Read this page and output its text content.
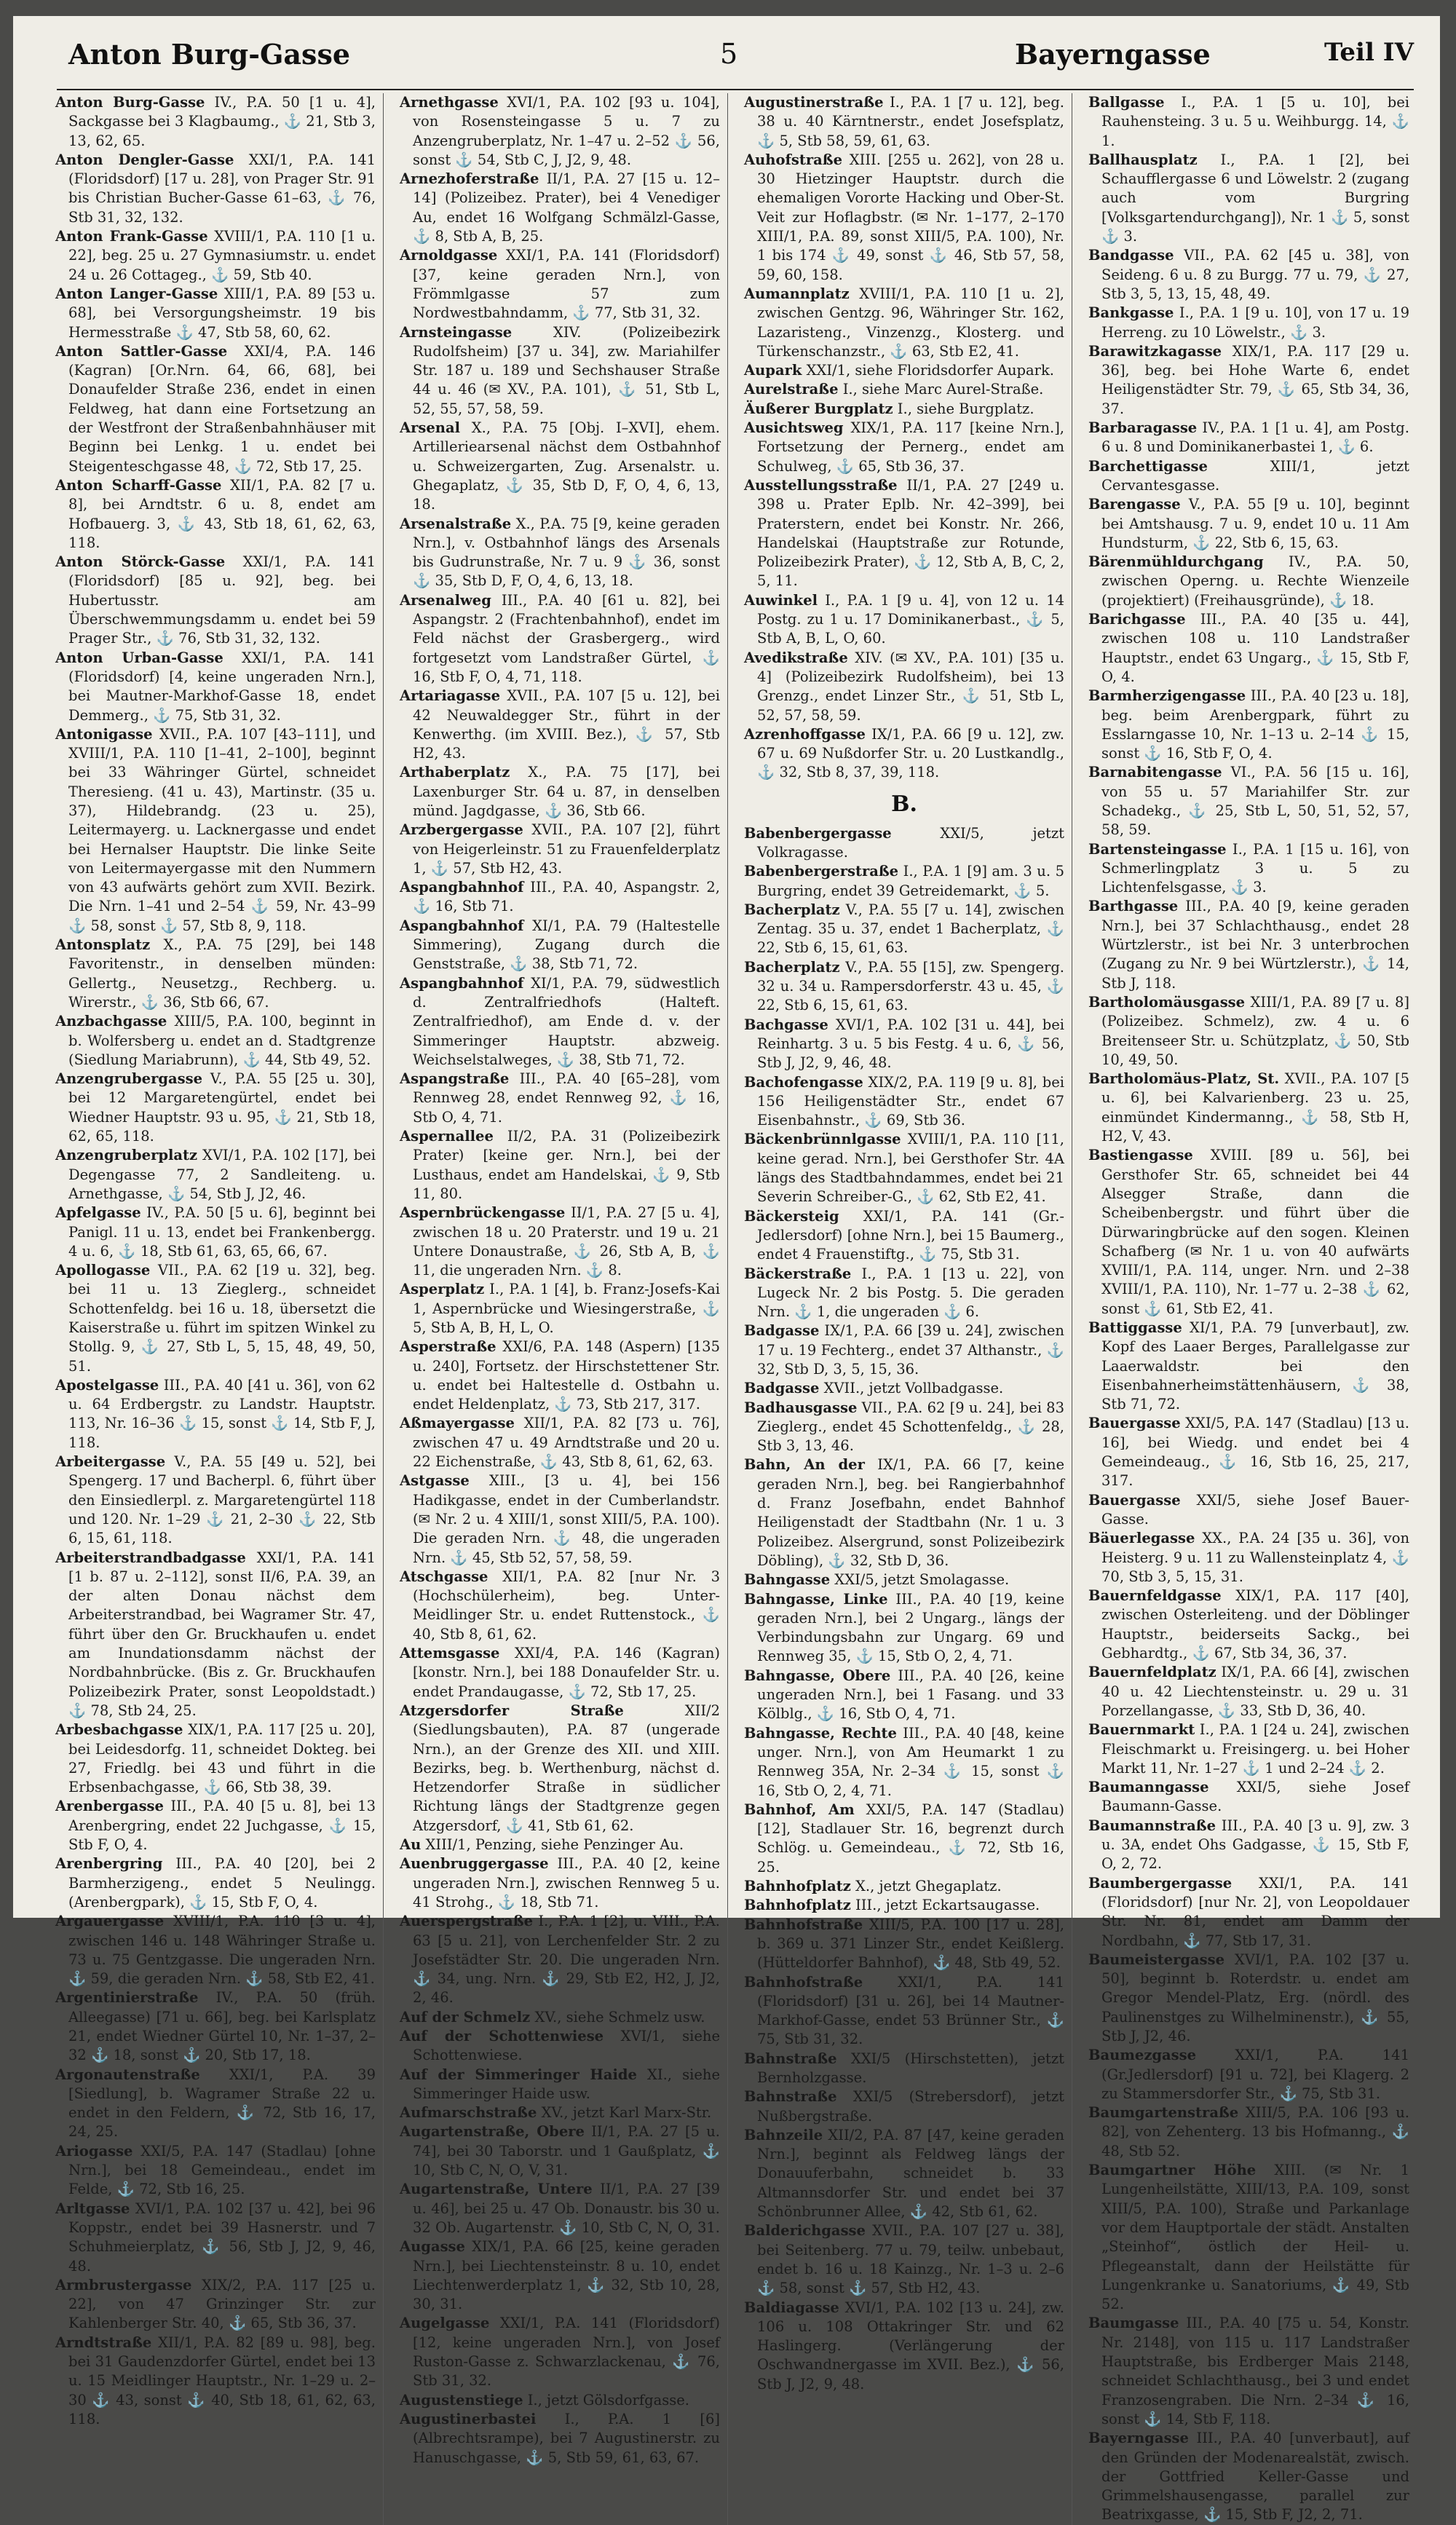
Anton Burg-Gasse	5	Bayerngasse	Teil IV

Anton Burg-Gasse IV., P.A. 50 [1 u. 4], Sackgasse bei 3 Klagbaumg., ⚓ 21, Stb 3, 13, 62, 65.

Anton Dengler-Gasse XXI/1, P.A. 141 (Floridsdorf) [17 u. 28], von Prager Str. 91 bis Christian Bucher-Gasse 61–63, ⚓ 76, Stb 31, 32, 132.

Anton Frank-Gasse XVIII/1, P.A. 110 [1 u. 22], beg. 25 u. 27 Gymnasiumstr. u. endet 24 u. 26 Cottageg., ⚓ 59, Stb 40.

Anton Langer-Gasse XIII/1, P.A. 89 [53 u. 68], bei Versorgungsheimstr. 19 bis Hermesstraße ⚓ 47, Stb 58, 60, 62.

Anton Sattler-Gasse XXI/4, P.A. 146 (Kagran) [Or.Nrn. 64, 66, 68], bei Donaufelder Straße 236, endet in einen Feldweg, hat dann eine Fortsetzung an der Westfront der Straßenbahnhäuser mit Beginn bei Lenkg. 1 u. endet bei Steigenteschgasse 48, ⚓ 72, Stb 17, 25.

Anton Scharff-Gasse XII/1, P.A. 82 [7 u. 8], bei Arndtstr. 6 u. 8, endet am Hofbauerg. 3, ⚓ 43, Stb 18, 61, 62, 63, 118.

Anton Störck-Gasse XXI/1, P.A. 141 (Floridsdorf) [85 u. 92], beg. bei Hubertusstr. am Überschwemmungsdamm u. endet bei 59 Prager Str., ⚓ 76, Stb 31, 32, 132.

Anton Urban-Gasse XXI/1, P.A. 141 (Floridsdorf) [4, keine ungeraden Nrn.], bei Mautner-Markhof-Gasse 18, endet Demmerg., ⚓ 75, Stb 31, 32.

Antonigasse XVII., P.A. 107 [43–111], und XVIII/1, P.A. 110 [1–41, 2–100], beginnt bei 33 Währinger Gürtel, schneidet Theresieng. (41 u. 43), Martinstr. (35 u. 37), Hildebrandg. (23 u. 25), Leitermayerg. u. Lacknergasse und endet bei Hernalser Hauptstr. Die linke Seite von Leitermayergasse mit den Nummern von 43 aufwärts gehört zum XVII. Bezirk. Die Nrn. 1–41 und 2–54 ⚓ 59, Nr. 43–99 ⚓ 58, sonst ⚓ 57, Stb 8, 9, 118.

Antonsplatz X., P.A. 75 [29], bei 148 Favoritenstr., in denselben münden: Gellertg., Neusetzg., Rechberg. u. Wirerstr., ⚓ 36, Stb 66, 67.

Anzbachgasse XIII/5, P.A. 100, beginnt in b. Wolfersberg u. endet an d. Stadtgrenze (Siedlung Mariabrunn), ⚓ 44, Stb 49, 52.

Anzengrubergasse V., P.A. 55 [25 u. 30], bei 12 Margaretengürtel, endet bei Wiedner Hauptstr. 93 u. 95, ⚓ 21, Stb 18, 62, 65, 118.

Anzengruberplatz XVI/1, P.A. 102 [17], bei Degengasse 77, 2 Sandleiteng. u. Arnethgasse, ⚓ 54, Stb J, J2, 46.

Apfelgasse IV., P.A. 50 [5 u. 6], beginnt bei Panigl. 11 u. 13, endet bei Frankenbergg. 4 u. 6, ⚓ 18, Stb 61, 63, 65, 66, 67.

Apollogasse VII., P.A. 62 [19 u. 32], beg. bei 11 u. 13 Zieglerg., schneidet Schottenfeldg. bei 16 u. 18, übersetzt die Kaiserstraße u. führt im spitzen Winkel zu Stollg. 9, ⚓ 27, Stb L, 5, 15, 48, 49, 50, 51.

Apostelgasse III., P.A. 40 [41 u. 36], von 62 u. 64 Erdbergstr. zu Landstr. Hauptstr. 113, Nr. 16–36 ⚓ 15, sonst ⚓ 14, Stb F, J, 118.

Arbeitergasse V., P.A. 55 [49 u. 52], bei Spengerg. 17 und Bacherpl. 6, führt über den Einsiedlerpl. z. Margaretengürtel 118 und 120. Nr. 1–29 ⚓ 21, 2–30 ⚓ 22, Stb 6, 15, 61, 118.

Arbeiterstrandbadgasse XXI/1, P.A. 141 [1 b. 87 u. 2–112], sonst II/6, P.A. 39, an der alten Donau nächst dem Arbeiterstrandbad, bei Wagramer Str. 47, führt über den Gr. Bruckhaufen u. endet am Inundationsdamm nächst der Nordbahnbrücke. (Bis z. Gr. Bruckhaufen Polizeibezirk Prater, sonst Leopoldstadt.) ⚓ 78, Stb 24, 25.

Arbesbachgasse XIX/1, P.A. 117 [25 u. 20], bei Leidesdorfg. 11, schneidet Dokteg. bei 27, Friedlg. bei 43 und führt in die Erbsenbachgasse, ⚓ 66, Stb 38, 39.

Arenbergasse III., P.A. 40 [5 u. 8], bei 13 Arenbergring, endet 22 Juchgasse, ⚓ 15, Stb F, O, 4.

Arenbergring III., P.A. 40 [20], bei 2 Barmherzigeng., endet 5 Neulingg. (Arenbergpark), ⚓ 15, Stb F, O, 4.

Argauergasse XVIII/1, P.A. 110 [3 u. 4], zwischen 146 u. 148 Währinger Straße u. 73 u. 75 Gentzgasse. Die ungeraden Nrn. ⚓ 59, die geraden Nrn. ⚓ 58, Stb E2, 41.

Argentinierstraße IV., P.A. 50 (früh. Alleegasse) [71 u. 66], beg. bei Karlsplatz 21, endet Wiedner Gürtel 10, Nr. 1–37, 2–32 ⚓ 18, sonst ⚓ 20, Stb 17, 18.

Argonautenstraße XXI/1, P.A. 39 [Siedlung], b. Wagramer Straße 22 u. endet in den Feldern, ⚓ 72, Stb 16, 17, 24, 25.

Ariogasse XXI/5, P.A. 147 (Stadlau) [ohne Nrn.], bei 18 Gemeindeau., endet im Felde, ⚓ 72, Stb 16, 25.

Arltgasse XVI/1, P.A. 102 [37 u. 42], bei 96 Koppstr., endet bei 39 Hasnerstr. und 7 Schuhmeierplatz, ⚓ 56, Stb J, J2, 9, 46, 48.

Armbrustergasse XIX/2, P.A. 117 [25 u. 22], von 47 Grinzinger Str. zur Kahlenberger Str. 40, ⚓ 65, Stb 36, 37.

Arndtstraße XII/1, P.A. 82 [89 u. 98], beg. bei 31 Gaudenzdorfer Gürtel, endet bei 13 u. 15 Meidlinger Hauptstr., Nr. 1–29 u. 2–30 ⚓ 43, sonst ⚓ 40, Stb 18, 61, 62, 63, 118.

Arnethgasse XVI/1, P.A. 102 [93 u. 104], von Rosensteingasse 5 u. 7 zu Anzengruberplatz, Nr. 1–47 u. 2–52 ⚓ 56, sonst ⚓ 54, Stb C, J, J2, 9, 48.

Arnezhoferstraße II/1, P.A. 27 [15 u. 12–14] (Polizeibez. Prater), bei 4 Venediger Au, endet 16 Wolfgang Schmälzl-Gasse, ⚓ 8, Stb A, B, 25.

Arnoldgasse XXI/1, P.A. 141 (Floridsdorf) [37, keine geraden Nrn.], von Frömmlgasse 57 zum Nordwestbahndamm, ⚓ 77, Stb 31, 32.

Arnsteingasse XIV. (Polizeibezirk Rudolfsheim) [37 u. 34], zw. Mariahilfer Str. 187 u. 189 und Sechshauser Straße 44 u. 46 (✉ XV., P.A. 101), ⚓ 51, Stb L, 52, 55, 57, 58, 59.

Arsenal X., P.A. 75 [Obj. I–XVI], ehem. Artilleriearsenal nächst dem Ostbahnhof u. Schweizergarten, Zug. Arsenalstr. u. Ghegaplatz, ⚓ 35, Stb D, F, O, 4, 6, 13, 18.

Arsenalstraße X., P.A. 75 [9, keine geraden Nrn.], v. Ostbahnhof längs des Arsenals bis Gudrunstraße, Nr. 7 u. 9 ⚓ 36, sonst ⚓ 35, Stb D, F, O, 4, 6, 13, 18.

Arsenalweg III., P.A. 40 [61 u. 82], bei Aspangstr. 2 (Frachtenbahnhof), endet im Feld nächst der Grasbergerg., wird fortgesetzt vom Landstraßer Gürtel, ⚓ 16, Stb F, O, 4, 71, 118.

Artariagasse XVII., P.A. 107 [5 u. 12], bei 42 Neuwaldegger Str., führt in der Kenwerthg. (im XVIII. Bez.), ⚓ 57, Stb H2, 43.

Arthaberplatz X., P.A. 75 [17], bei Laxenburger Str. 64 u. 87, in denselben münd. Jagdgasse, ⚓ 36, Stb 66.

Arzbergergasse XVII., P.A. 107 [2], führt von Heigerleinstr. 51 zu Frauenfelderplatz 1, ⚓ 57, Stb H2, 43.

Aspangbahnhof III., P.A. 40, Aspangstr. 2, ⚓ 16, Stb 71.

Aspangbahnhof XI/1, P.A. 79 (Haltestelle Simmering), Zugang durch die Genststraße, ⚓ 38, Stb 71, 72.

Aspangbahnhof XI/1, P.A. 79, südwestlich d. Zentralfriedhofs (Halteft. Zentralfriedhof), am Ende d. v. der Simmeringer Hauptstr. abzweig. Weichselstalweges, ⚓ 38, Stb 71, 72.

Aspangstraße III., P.A. 40 [65–28], vom Rennweg 28, endet Rennweg 92, ⚓ 16, Stb O, 4, 71.

Aspernallee II/2, P.A. 31 (Polizeibezirk Prater) [keine ger. Nrn.], bei der Lusthaus, endet am Handelskai, ⚓ 9, Stb 11, 80.

Aspernbrückengasse II/1, P.A. 27 [5 u. 4], zwischen 18 u. 20 Praterstr. und 19 u. 21 Untere Donaustraße, ⚓ 26, Stb A, B, ⚓ 11, die ungeraden Nrn. ⚓ 8.

Asperplatz I., P.A. 1 [4], b. Franz-Josefs-Kai 1, Aspernbrücke und Wiesingerstraße, ⚓ 5, Stb A, B, H, L, O.

Asperstraße XXI/6, P.A. 148 (Aspern) [135 u. 240], Fortsetz. der Hirschstettener Str. u. endet bei Haltestelle d. Ostbahn u. endet Heldenplatz, ⚓ 73, Stb 217, 317.

Aßmayergasse XII/1, P.A. 82 [73 u. 76], zwischen 47 u. 49 Arndtstraße und 20 u. 22 Eichenstraße, ⚓ 43, Stb 8, 61, 62, 63.

Astgasse XIII., [3 u. 4], bei 156 Hadikgasse, endet in der Cumberlandstr. (✉ Nr. 2 u. 4 XIII/1, sonst XIII/5, P.A. 100). Die geraden Nrn. ⚓ 48, die ungeraden Nrn. ⚓ 45, Stb 52, 57, 58, 59.

Atschgasse XII/1, P.A. 82 [nur Nr. 3 (Hochschülerheim), beg. Unter-Meidlinger Str. u. endet Ruttenstock., ⚓ 40, Stb 8, 61, 62.

Attemsgasse XXI/4, P.A. 146 (Kagran) [konstr. Nrn.], bei 188 Donaufelder Str. u. endet Prandaugasse, ⚓ 72, Stb 17, 25.

Atzgersdorfer Straße XII/2 (Siedlungsbauten), P.A. 87 (ungerade Nrn.), an der Grenze des XII. und XIII. Bezirks, beg. b. Werthenburg, nächst d. Hetzendorfer Straße in südlicher Richtung längs der Stadtgrenze gegen Atzgersdorf, ⚓ 41, Stb 61, 62.

Au XIII/1, Penzing, siehe Penzinger Au.

Auenbruggergasse III., P.A. 40 [2, keine ungeraden Nrn.], zwischen Rennweg 5 u. 41 Strohg., ⚓ 18, Stb 71.

Auerspergstraße I., P.A. 1 [2], u. VIII., P.A. 63 [5 u. 21], von Lerchenfelder Str. 2 zu Josefstädter Str. 20. Die ungeraden Nrn. ⚓ 34, ung. Nrn. ⚓ 29, Stb E2, H2, J, J2, 2, 46.

Auf der Schmelz XV., siehe Schmelz usw.

Auf der Schottenwiese XVI/1, siehe Schottenwiese.

Auf der Simmeringer Haide XI., siehe Simmeringer Haide usw.

Aufmarschstraße XV., jetzt Karl Marx-Str.

Augartenstraße, Obere II/1, P.A. 27 [5 u. 74], bei 30 Taborstr. und 1 Gaußplatz, ⚓ 10, Stb C, N, O, V, 31.

Augartenstraße, Untere II/1, P.A. 27 [39 u. 46], bei 25 u. 47 Ob. Donaustr. bis 30 u. 32 Ob. Augartenstr. ⚓ 10, Stb C, N, O, 31.

Augasse XIX/1, P.A. 66 [25, keine geraden Nrn.], bei Liechtensteinstr. 8 u. 10, endet Liechtenwerderplatz 1, ⚓ 32, Stb 10, 28, 30, 31.

Augelgasse XXI/1, P.A. 141 (Floridsdorf) [12, keine ungeraden Nrn.], von Josef Ruston-Gasse z. Schwarzlackenau, ⚓ 76, Stb 31, 32.

Augustenstiege I., jetzt Gölsdorfgasse.

Augustinerbastei I., P.A. 1 [6] (Albrechtsrampe), bei 7 Augustinerstr. zu Hanuschgasse, ⚓ 5, Stb 59, 61, 63, 67.

Augustinerstraße I., P.A. 1 [7 u. 12], beg. 38 u. 40 Kärntnerstr., endet Josefsplatz, ⚓ 5, Stb 58, 59, 61, 63.

Auhofstraße XIII. [255 u. 262], von 28 u. 30 Hietzinger Hauptstr. durch die ehemaligen Vororte Hacking und Ober-St. Veit zur Hoflagbstr. (✉ Nr. 1–177, 2–170 XIII/1, P.A. 89, sonst XIII/5, P.A. 100), Nr. 1 bis 174 ⚓ 49, sonst ⚓ 46, Stb 57, 58, 59, 60, 158.

Aumannplatz XVIII/1, P.A. 110 [1 u. 2], zwischen Gentzg. 96, Währinger Str. 162, Lazaristeng., Vinzenzg., Klosterg. und Türkenschanzstr., ⚓ 63, Stb E2, 41.

Aupark XXI/1, siehe Floridsdorfer Aupark.

Aurelstraße I., siehe Marc Aurel-Straße.

Äußerer Burgplatz I., siehe Burgplatz.

Ausichtsweg XIX/1, P.A. 117 [keine Nrn.], Fortsetzung der Pernerg., endet am Schulweg, ⚓ 65, Stb 36, 37.

Ausstellungsstraße II/1, P.A. 27 [249 u. 398 u. Prater Eplb. Nr. 42–399], bei Praterstern, endet bei Konstr. Nr. 266, Handelskai (Hauptstraße zur Rotunde, Polizeibezirk Prater), ⚓ 12, Stb A, B, C, 2, 5, 11.

Auwinkel I., P.A. 1 [9 u. 4], von 12 u. 14 Postg. zu 1 u. 17 Dominikanerbast., ⚓ 5, Stb A, B, L, O, 60.

Avedikstraße XIV. (✉ XV., P.A. 101) [35 u. 4] (Polizeibezirk Rudolfsheim), bei 13 Grenzg., endet Linzer Str., ⚓ 51, Stb L, 52, 57, 58, 59.

Azrenhoffgasse IX/1, P.A. 66 [9 u. 12], zw. 67 u. 69 Nußdorfer Str. u. 20 Lustkandlg., ⚓ 32, Stb 8, 37, 39, 118.

B.

Babenbergergasse XXI/5, jetzt Volkragasse.

Babenbergerstraße I., P.A. 1 [9] am. 3 u. 5 Burgring, endet 39 Getreidemarkt, ⚓ 5.

Bacherplatz V., P.A. 55 [7 u. 14], zwischen Zentag. 35 u. 37, endet 1 Bacherplatz, ⚓ 22, Stb 6, 15, 61, 63.

Bacherplatz V., P.A. 55 [15], zw. Spengerg. 32 u. 34 u. Rampersdorferstr. 43 u. 45, ⚓ 22, Stb 6, 15, 61, 63.

Bachgasse XVI/1, P.A. 102 [31 u. 44], bei Reinhartg. 3 u. 5 bis Festg. 4 u. 6, ⚓ 56, Stb J, J2, 9, 46, 48.

Bachofengasse XIX/2, P.A. 119 [9 u. 8], bei 156 Heiligenstädter Str., endet 67 Eisenbahnstr., ⚓ 69, Stb 36.

Bäckenbrünnlgasse XVIII/1, P.A. 110 [11, keine gerad. Nrn.], bei Gersthofer Str. 4A längs des Stadtbahndammes, endet bei 21 Severin Schreiber-G., ⚓ 62, Stb E2, 41.

Bäckersteig XXI/1, P.A. 141 (Gr.-Jedlersdorf) [ohne Nrn.], bei 15 Baumerg., endet 4 Frauenstiftg., ⚓ 75, Stb 31.

Bäckerstraße I., P.A. 1 [13 u. 22], von Lugeck Nr. 2 bis Postg. 5. Die geraden Nrn. ⚓ 1, die ungeraden ⚓ 6.

Badgasse IX/1, P.A. 66 [39 u. 24], zwischen 17 u. 19 Fechterg., endet 37 Althanstr., ⚓ 32, Stb D, 3, 5, 15, 36.

Badgasse XVII., jetzt Vollbadgasse.

Badhausgasse VII., P.A. 62 [9 u. 24], bei 83 Zieglerg., endet 45 Schottenfeldg., ⚓ 28, Stb 3, 13, 46.

Bahn, An der IX/1, P.A. 66 [7, keine geraden Nrn.], beg. bei Rangierbahnhof d. Franz Josefbahn, endet Bahnhof Heiligenstadt der Stadtbahn (Nr. 1 u. 3 Polizeibez. Alsergrund, sonst Polizeibezirk Döbling), ⚓ 32, Stb D, 36.

Bahngasse XXI/5, jetzt Smolagasse.

Bahngasse, Linke III., P.A. 40 [19, keine geraden Nrn.], bei 2 Ungarg., längs der Verbindungsbahn zur Ungarg. 69 und Rennweg 35, ⚓ 15, Stb O, 2, 4, 71.

Bahngasse, Obere III., P.A. 40 [26, keine ungeraden Nrn.], bei 1 Fasang. und 33 Kölblg., ⚓ 16, Stb O, 4, 71.

Bahngasse, Rechte III., P.A. 40 [48, keine unger. Nrn.], von Am Heumarkt 1 zu Rennweg 35A, Nr. 2–34 ⚓ 15, sonst ⚓ 16, Stb O, 2, 4, 71.

Bahnhof, Am XXI/5, P.A. 147 (Stadlau) [12], Stadlauer Str. 16, begrenzt durch Schlög. u. Gemeindeau., ⚓ 72, Stb 16, 25.

Bahnhofplatz X., jetzt Ghegaplatz.

Bahnhofplatz III., jetzt Eckartsaugasse.

Bahnhofstraße XIII/5, P.A. 100 [17 u. 28], b. 369 u. 371 Linzer Str., endet Keißlerg. (Hütteldorfer Bahnhof), ⚓ 48, Stb 49, 52.

Bahnhofstraße XXI/1, P.A. 141 (Floridsdorf) [31 u. 26], bei 14 Mautner-Markhof-Gasse, endet 53 Brünner Str., ⚓ 75, Stb 31, 32.

Bahnstraße XXI/5 (Hirschstetten), jetzt Bernholzgasse.

Bahnstraße XXI/5 (Strebersdorf), jetzt Nußbergstraße.

Bahnzeile XII/2, P.A. 87 [47, keine geraden Nrn.], beginnt als Feldweg längs der Donauuferbahn, schneidet b. 33 Altmannsdorfer Str. und endet bei 37 Schönbrunner Allee, ⚓ 42, Stb 61, 62.

Balderichgasse XVII., P.A. 107 [27 u. 38], bei Seitenberg. 77 u. 79, teilw. unbebaut, endet b. 16 u. 18 Kainzg., Nr. 1–3 u. 2–6 ⚓ 58, sonst ⚓ 57, Stb H2, 43.

Baldiagasse XVI/1, P.A. 102 [13 u. 24], zw. 106 u. 108 Ottakringer Str. und 62 Haslingerg. (Verlängerung der Oschwandnergasse im XVII. Bez.), ⚓ 56, Stb J, J2, 9, 48.

Ballgasse I., P.A. 1 [5 u. 10], bei Rauhensteing. 3 u. 5 u. Weihburgg. 14, ⚓ 1.

Ballhausplatz I., P.A. 1 [2], bei Schaufflergasse 6 und Löwelstr. 2 (zugang auch vom Burgring [Volksgartendurchgang]), Nr. 1 ⚓ 5, sonst ⚓ 3.

Bandgasse VII., P.A. 62 [45 u. 38], von Seideng. 6 u. 8 zu Burgg. 77 u. 79, ⚓ 27, Stb 3, 5, 13, 15, 48, 49.

Bankgasse I., P.A. 1 [9 u. 10], von 17 u. 19 Herreng. zu 10 Löwelstr., ⚓ 3.

Barawitzkagasse XIX/1, P.A. 117 [29 u. 36], beg. bei Hohe Warte 6, endet Heiligenstädter Str. 79, ⚓ 65, Stb 34, 36, 37.

Barbaragasse IV., P.A. 1 [1 u. 4], am Postg. 6 u. 8 und Dominikanerbastei 1, ⚓ 6.

Barchettigasse XIII/1, jetzt Cervantesgasse.

Barengasse V., P.A. 55 [9 u. 10], beginnt bei Amtshausg. 7 u. 9, endet 10 u. 11 Am Hundsturm, ⚓ 22, Stb 6, 15, 63.

Bärenmühldurchgang IV., P.A. 50, zwischen Operng. u. Rechte Wienzeile (projektiert) (Freihausgründe), ⚓ 18.

Barichgasse III., P.A. 40 [35 u. 44], zwischen 108 u. 110 Landstraßer Hauptstr., endet 63 Ungarg., ⚓ 15, Stb F, O, 4.

Barmherzigengasse III., P.A. 40 [23 u. 18], beg. beim Arenbergpark, führt zu Esslarngasse 10, Nr. 1–13 u. 2–14 ⚓ 15, sonst ⚓ 16, Stb F, O, 4.

Barnabitengasse VI., P.A. 56 [15 u. 16], von 55 u. 57 Mariahilfer Str. zur Schadekg., ⚓ 25, Stb L, 50, 51, 52, 57, 58, 59.

Bartensteingasse I., P.A. 1 [15 u. 16], von Schmerlingplatz 3 u. 5 zu Lichtenfelsgasse, ⚓ 3.

Barthgasse III., P.A. 40 [9, keine geraden Nrn.], bei 37 Schlachthausg., endet 28 Würtzlerstr., ist bei Nr. 3 unterbrochen (Zugang zu Nr. 9 bei Würtzlerstr.), ⚓ 14, Stb J, 118.

Bartholomäusgasse XIII/1, P.A. 89 [7 u. 8] (Polizeibez. Schmelz), zw. 4 u. 6 Breitenseer Str. u. Schützplatz, ⚓ 50, Stb 10, 49, 50.

Bartholomäus-Platz, St. XVII., P.A. 107 [5 u. 6], bei Kalvarienberg. 23 u. 25, einmündet Kindermanng., ⚓ 58, Stb H, H2, V, 43.

Bastiengasse XVIII. [89 u. 56], bei Gersthofer Str. 65, schneidet bei 44 Alsegger Straße, dann die Scheibenbergstr. und führt über die Dürwaringbrücke auf den sogen. Kleinen Schafberg (✉ Nr. 1 u. von 40 aufwärts XVIII/1, P.A. 114, unger. Nrn. und 2–38 XVIII/1, P.A. 110), Nr. 1–77 u. 2–38 ⚓ 62, sonst ⚓ 61, Stb E2, 41.

Battiggasse XI/1, P.A. 79 [unverbaut], zw. Kopf des Laaer Berges, Parallelgasse zur Laaerwaldstr. bei den Eisenbahnerheimstättenhäusern, ⚓ 38, Stb 71, 72.

Bauergasse XXI/5, P.A. 147 (Stadlau) [13 u. 16], bei Wiedg. und endet bei 4 Gemeindeaug., ⚓ 16, Stb 16, 25, 217, 317.

Bauergasse XXI/5, siehe Josef Bauer-Gasse.

Bäuerlegasse XX., P.A. 24 [35 u. 36], von Heisterg. 9 u. 11 zu Wallensteinplatz 4, ⚓ 70, Stb 3, 5, 15, 31.

Bauernfeldgasse XIX/1, P.A. 117 [40], zwischen Osterleiteng. und der Döblinger Hauptstr., beiderseits Sackg., bei Gebhardtg., ⚓ 67, Stb 34, 36, 37.

Bauernfeldplatz IX/1, P.A. 66 [4], zwischen 40 u. 42 Liechtensteinstr. u. 29 u. 31 Porzellangasse, ⚓ 33, Stb D, 36, 40.

Bauernmarkt I., P.A. 1 [24 u. 24], zwischen Fleischmarkt u. Freisingerg. u. bei Hoher Markt 11, Nr. 1–27 ⚓ 1 und 2–24 ⚓ 2.

Baumanngasse XXI/5, siehe Josef Baumann-Gasse.

Baumannstraße III., P.A. 40 [3 u. 9], zw. 3 u. 3A, endet Ohs Gadgasse, ⚓ 15, Stb F, O, 2, 72.

Baumbergergasse XXI/1, P.A. 141 (Floridsdorf) [nur Nr. 2], von Leopoldauer Str. Nr. 81, endet am Damm der Nordbahn, ⚓ 77, Stb 17, 31.

Baumeistergasse XVI/1, P.A. 102 [37 u. 50], beginnt b. Roterdstr. u. endet am Gregor Mendel-Platz, Erg. (nördl. des Paulinenstges zu Wilhelminenstr.), ⚓ 55, Stb J, J2, 46.

Baumezgasse XXI/1, P.A. 141 (Gr.Jedlersdorf) [91 u. 72], bei Klagerg. 2 zu Stammersdorfer Str., ⚓ 75, Stb 31.

Baumgartenstraße XIII/5, P.A. 106 [93 u. 82], von Zehenterg. 13 bis Hofmanng., ⚓ 48, Stb 52.

Baumgartner Höhe XIII. (✉ Nr. 1 Lungenheilstätte, XIII/13, P.A. 109, sonst XIII/5, P.A. 100), Straße und Parkanlage vor dem Hauptportale der städt. Anstalten „Steinhof“, östlich der Heil- u. Pflegeanstalt, dann der Heilstätte für Lungenkranke u. Sanatoriums, ⚓ 49, Stb 52.

Baumgasse III., P.A. 40 [75 u. 54, Konstr. Nr. 2148], von 115 u. 117 Landstraßer Hauptstraße, bis Erdberger Mais 2148, schneidet Schlachthausg., bei 3 und endet Franzosengraben. Die Nrn. 2–34 ⚓ 16, sonst ⚓ 14, Stb F, 118.

Bayerngasse III., P.A. 40 [unverbaut], auf den Gründen der Modenarealstät, zwisch. der Gottfried Keller-Gasse und Grimmelshausengasse, parallel zur Beatrixgasse, ⚓ 15, Stb F, J2, 2, 71.
